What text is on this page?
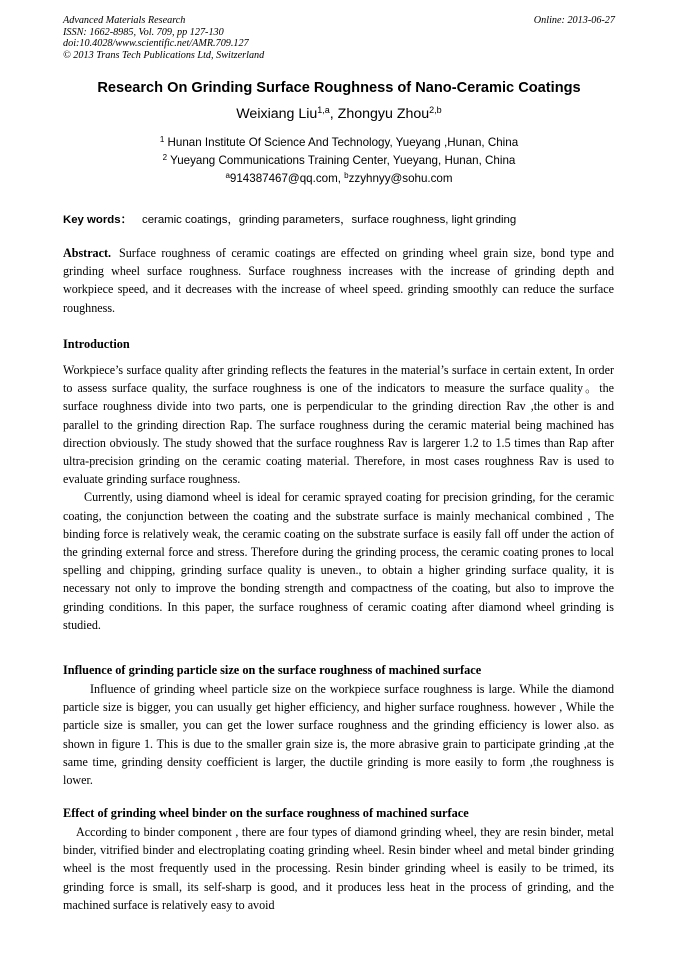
Advanced Materials Research
ISSN: 1662-8985, Vol. 709, pp 127-130
doi:10.4028/www.scientific.net/AMR.709.127
© 2013 Trans Tech Publications Ltd, Switzerland
Online: 2013-06-27
Research On Grinding Surface Roughness of Nano-Ceramic Coatings
Weixiang Liu$^{1,a}$, Zhongyu Zhou$^{2,b}$
$^1$ Hunan Institute Of Science And Technology, Yueyang ,Hunan, China
$^2$ Yueyang Communications Training Center, Yueyang, Hunan, China
$^a$914387467@qq.com, $^b$zzyhnyy@sohu.com
Key words： ceramic coatings，grinding parameters，surface roughness, light grinding

Abstract. Surface roughness of ceramic coatings are effected on grinding wheel grain size, bond type and grinding wheel surface roughness. Surface roughness increases with the increase of grinding depth and workpiece speed, and it decreases with the increase of wheel speed. grinding smoothly can reduce the surface roughness.

Introduction

Workpiece’s surface quality after grinding reflects the features in the material’s surface in certain extent, In order to assess surface quality, the surface roughness is one of the indicators to measure the surface quality。the surface roughness divide into two parts, one is perpendicular to the grinding direction Rav ,the other is and parallel to the grinding direction Rap. The surface roughness during the ceramic material being machined has direction obviously. The study showed that the surface roughness Rav is largerer 1.2 to 1.5 times than Rap after ultra-precision grinding on the ceramic coating material. Therefore, in most cases roughness Rav is used to evaluate grinding surface roughness.

Currently, using diamond wheel is ideal for ceramic sprayed coating for precision grinding, for the ceramic coating, the conjunction between the coating and the substrate surface is mainly mechanical combined , The binding force is relatively weak, the ceramic coating on the substrate surface is easily fall off under the action of the grinding external force and stress. Therefore during the grinding process, the ceramic coating prones to local spelling and chipping, grinding surface quality is uneven., to obtain a higher grinding surface quality, it is necessary not only to improve the bonding strength and compactness of the coating, but also to improve the grinding conditions. In this paper, the surface roughness of ceramic coating after diamond wheel grinding is studied.

Influence of grinding particle size on the surface roughness of machined surface

Influence of grinding wheel particle size on the workpiece surface roughness is large. While the diamond particle size is bigger, you can usually get higher efficiency, and higher surface roughness. however , While the particle size is smaller, you can get the lower surface roughness and the grinding efficiency is lower also. as shown in figure 1. This is due to the smaller grain size is, the more abrasive grain to participate grinding ,at the same time, grinding density coefficient is larger, the ductile grinding is more easily to form ,the roughness is lower.

Effect of grinding wheel binder on the surface roughness of machined surface

According to binder component , there are four types of diamond grinding wheel, they are resin binder, metal binder, vitrified binder and electroplating coating grinding wheel. Resin binder wheel and metal binder grinding wheel is the most frequently used in the processing. Resin binder grinding wheel is easily to be trimed, its grinding force is small, its self-sharp is good, and it produces less heat in the process of grinding, and the machined surface is relatively easy to avoid
